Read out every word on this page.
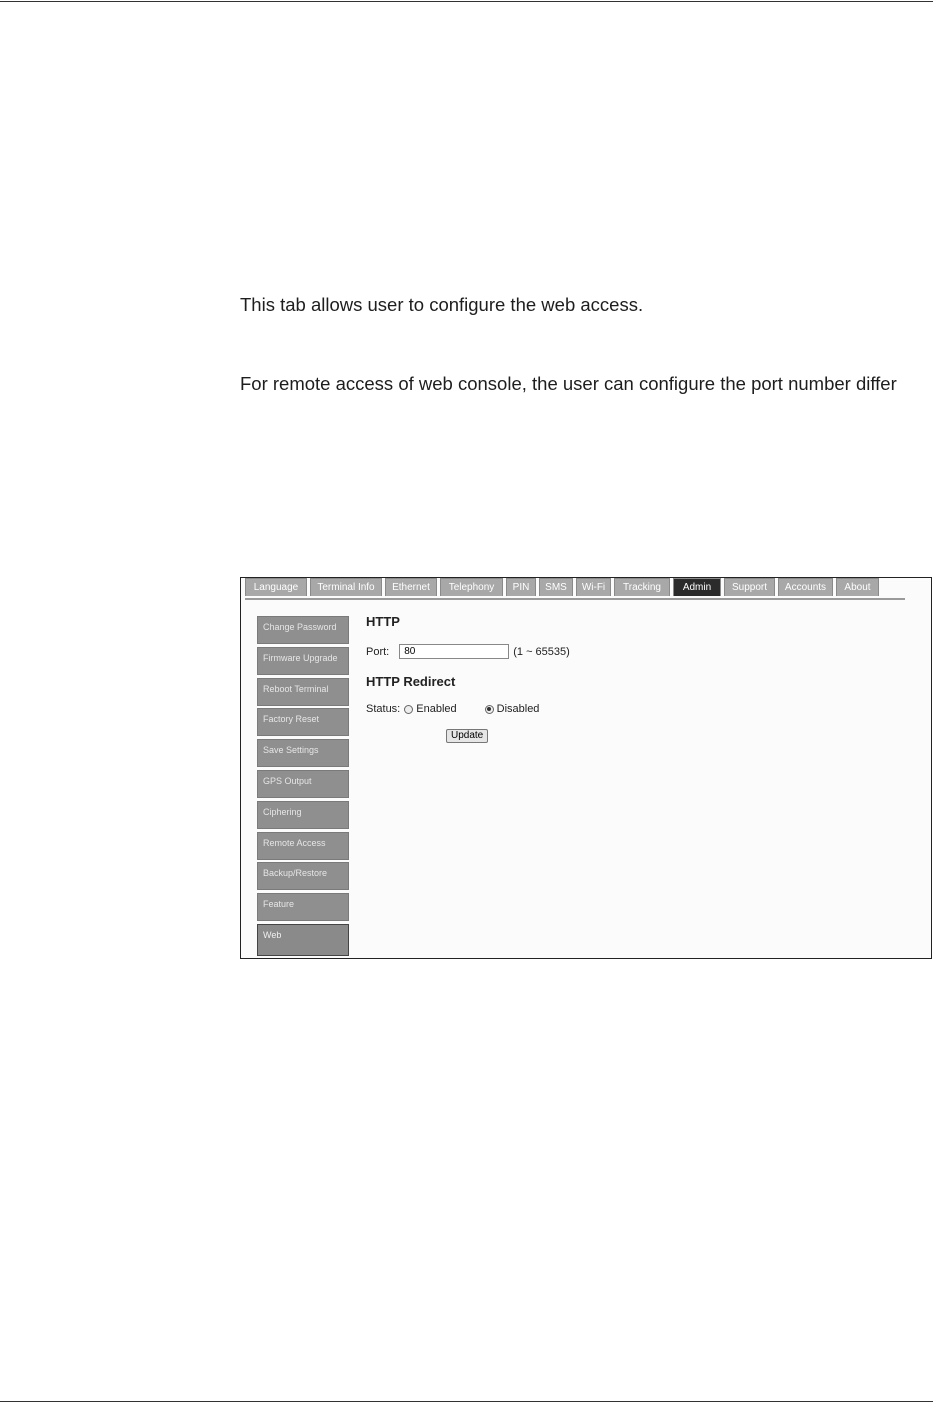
This tab allows user to configure the web access.
For remote access of web console, the user can configure the port number differ
Language	Terminal Info	Ethernet	Telephony	PIN	SMS	Wi-Fi	Tracking	Admin	Support	Accounts	About
Change Password
Firmware Upgrade
Reboot Terminal
Factory Reset
Save Settings
GPS Output
Ciphering
Remote Access
Backup/Restore
Feature
Web
HTTP
Port:
80	(1 ~ 65535)
HTTP Redirect
Status: Enabled	Disabled
Update
